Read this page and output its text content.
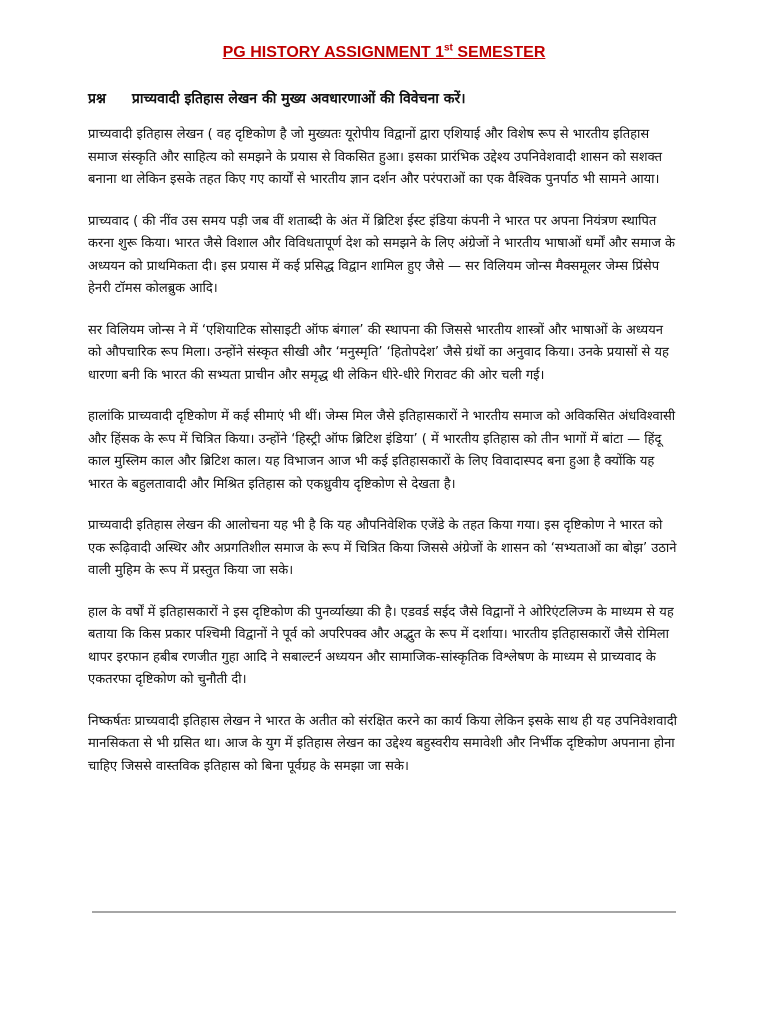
PG HISTORY ASSIGNMENT 1st SEMESTER
प्रश्न प्राच्यवादी इतिहास लेखन की मुख्य अवधारणाओं की विवेचना करें।

प्राच्यवादी इतिहास लेखन ( वह दृष्टिकोण है जो मुख्यतः यूरोपीय विद्वानों द्वारा एशियाई और विशेष रूप से भारतीय इतिहास समाज संस्कृति और साहित्य को समझने के प्रयास से विकसित हुआ। इसका प्रारंभिक उद्देश्य उपनिवेशवादी शासन को सशक्त बनाना था लेकिन इसके तहत किए गए कार्यों से भारतीय ज्ञान दर्शन और परंपराओं का एक वैश्विक पुनर्पाठ भी सामने आया।

प्राच्यवाद ( की नींव उस समय पड़ी जब वीं शताब्दी के अंत में ब्रिटिश ईस्ट इंडिया कंपनी ने भारत पर अपना नियंत्रण स्थापित करना शुरू किया। भारत जैसे विशाल और विविधतापूर्ण देश को समझने के लिए अंग्रेजों ने भारतीय भाषाओं धर्मों और समाज के अध्ययन को प्राथमिकता दी। इस प्रयास में कई प्रसिद्ध विद्वान शामिल हुए जैसे — सर विलियम जोन्स मैक्समूलर जेम्स प्रिंसेप हेनरी टॉमस कोलब्रुक आदि।

सर विलियम जोन्स ने में ‘एशियाटिक सोसाइटी ऑफ बंगाल’ की स्थापना की जिससे भारतीय शास्त्रों और भाषाओं के अध्ययन को औपचारिक रूप मिला। उन्होंने संस्कृत सीखी और ‘मनुस्मृति’ ‘हितोपदेश’ जैसे ग्रंथों का अनुवाद किया। उनके प्रयासों से यह धारणा बनी कि भारत की सभ्यता प्राचीन और समृद्ध थी लेकिन धीरे-धीरे गिरावट की ओर चली गई।

हालांकि प्राच्यवादी दृष्टिकोण में कई सीमाएं भी थीं। जेम्स मिल जैसे इतिहासकारों ने भारतीय समाज को अविकसित अंधविश्वासी और हिंसक के रूप में चित्रित किया। उन्होंने ‘हिस्ट्री ऑफ ब्रिटिश इंडिया’ ( में भारतीय इतिहास को तीन भागों में बांटा — हिंदू काल मुस्लिम काल और ब्रिटिश काल। यह विभाजन आज भी कई इतिहासकारों के लिए विवादास्पद बना हुआ है क्योंकि यह भारत के बहुलतावादी और मिश्रित इतिहास को एकध्रुवीय दृष्टिकोण से देखता है।

प्राच्यवादी इतिहास लेखन की आलोचना यह भी है कि यह औपनिवेशिक एजेंडे के तहत किया गया। इस दृष्टिकोण ने भारत को एक रूढ़िवादी अस्थिर और अप्रगतिशील समाज के रूप में चित्रित किया जिससे अंग्रेजों के शासन को ‘सभ्यताओं का बोझ’ उठाने वाली मुहिम के रूप में प्रस्तुत किया जा सके।

हाल के वर्षों में इतिहासकारों ने इस दृष्टिकोण की पुनर्व्याख्या की है। एडवर्ड सईद जैसे विद्वानों ने ओरिएंटलिज्म के माध्यम से यह बताया कि किस प्रकार पश्चिमी विद्वानों ने पूर्व को अपरिपक्व और अद्भुत के रूप में दर्शाया। भारतीय इतिहासकारों जैसे रोमिला थापर इरफान हबीब रणजीत गुहा आदि ने सबाल्टर्न अध्ययन और सामाजिक-सांस्कृतिक विश्लेषण के माध्यम से प्राच्यवाद के एकतरफा दृष्टिकोण को चुनौती दी।

निष्कर्षतः प्राच्यवादी इतिहास लेखन ने भारत के अतीत को संरक्षित करने का कार्य किया लेकिन इसके साथ ही यह उपनिवेशवादी मानसिकता से भी ग्रसित था। आज के युग में इतिहास लेखन का उद्देश्य बहुस्वरीय समावेशी और निर्भीक दृष्टिकोण अपनाना होना चाहिए जिससे वास्तविक इतिहास को बिना पूर्वग्रह के समझा जा सके।
